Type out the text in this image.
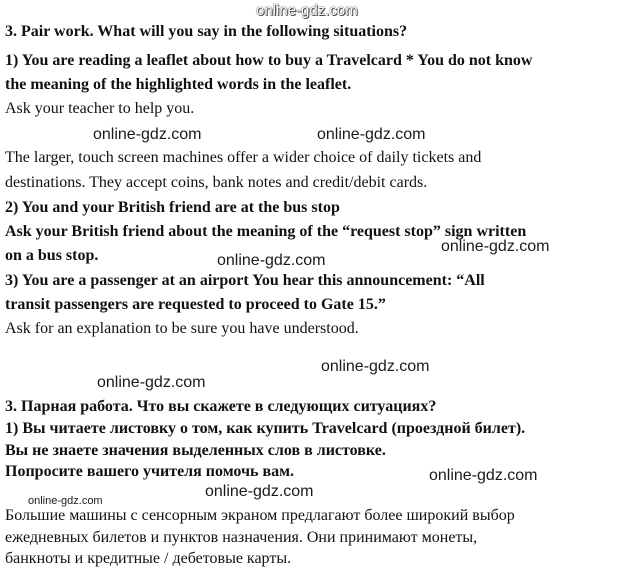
3. Pair work. What will you say in the following situations?
1) You are reading a leaflet about how to buy a Travelcard * You do not know
the meaning of the highlighted words in the leaflet.
Ask your teacher to help you.
The larger, touch screen machines offer a wider choice of daily tickets and
destinations. They accept coins, bank notes and credit/debit cards.
2) You and your British friend are at the bus stop
Ask your British friend about the meaning of the “request stop” sign written
on a bus stop.
3) You are a passenger at an airport You hear this announcement: “All
transit passengers are requested to proceed to Gate 15.”
Ask for an explanation to be sure you have understood.
3. Парная работа. Что вы скажете в следующих ситуациях?
1) Вы читаете листовку о том, как купить Travelcard (проездной билет).
Вы не знаете значения выделенных слов в листовке.
Попросите вашего учителя помочь вам.
Большие машины с сенсорным экраном предлагают более широкий выбор
ежедневных билетов и пунктов назначения. Они принимают монеты,
банкноты и кредитные / дебетовые карты.
online-gdz.com
online-gdz.com	online-gdz.com
online-gdz.com
online-gdz.com
online-gdz.com
online-gdz.com
online-gdz.com
online-gdz.com
online-gdz.com
